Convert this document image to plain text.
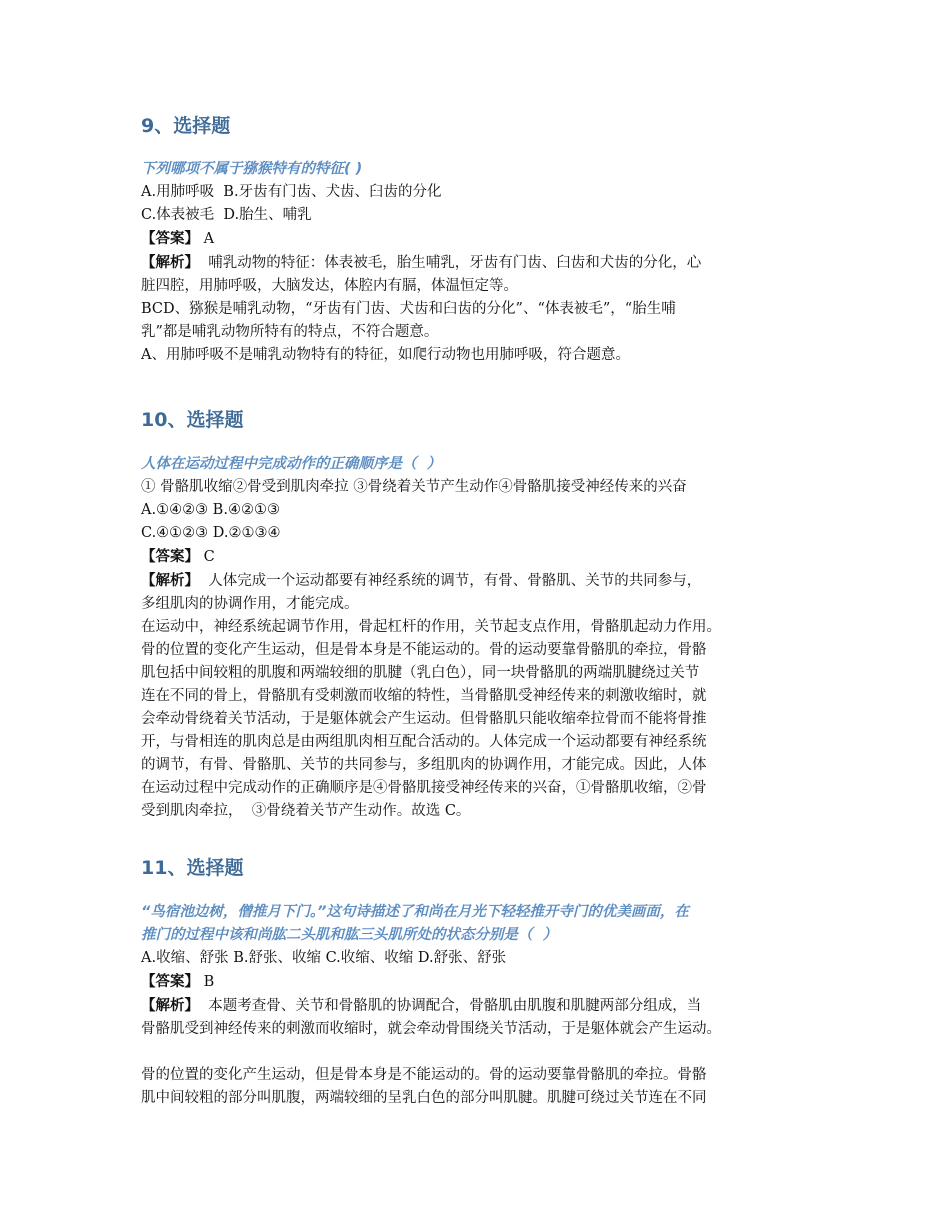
9、选择题
下列哪项不属于猕猴特有的特征( )
A.用肺呼吸  B.牙齿有门齿、犬齿、臼齿的分化
C.体表被毛  D.胎生、哺乳
【答案】 A
【解析】  哺乳动物的特征：体表被毛，胎生哺乳，牙齿有门齿、臼齿和犬齿的分化，心
脏四腔，用肺呼吸，大脑发达，体腔内有膈，体温恒定等。
BCD、猕猴是哺乳动物，“牙齿有门齿、犬齿和臼齿的分化”、“体表被毛”，“胎生哺
乳”都是哺乳动物所特有的特点，不符合题意。
A、用肺呼吸不是哺乳动物特有的特征，如爬行动物也用肺呼吸，符合题意。
10、选择题
人体在运动过程中完成动作的正确顺序是（  ）
① 骨骼肌收缩②骨受到肌肉牵拉 ③骨绕着关节产生动作④骨骼肌接受神经传来的兴奋
A.①④②③ B.④②①③
C.④①②③ D.②①③④
【答案】 C
【解析】  人体完成一个运动都要有神经系统的调节，有骨、骨骼肌、关节的共同参与，
多组肌肉的协调作用，才能完成。
在运动中，神经系统起调节作用，骨起杠杆的作用，关节起支点作用，骨骼肌起动力作用。
骨的位置的变化产生运动，但是骨本身是不能运动的。骨的运动要靠骨骼肌的牵拉，骨骼
肌包括中间较粗的肌腹和两端较细的肌腱（乳白色），同一块骨骼肌的两端肌腱绕过关节
连在不同的骨上，骨骼肌有受刺激而收缩的特性，当骨骼肌受神经传来的刺激收缩时，就
会牵动骨绕着关节活动，于是躯体就会产生运动。但骨骼肌只能收缩牵拉骨而不能将骨推
开，与骨相连的肌肉总是由两组肌肉相互配合活动的。人体完成一个运动都要有神经系统
的调节，有骨、骨骼肌、关节的共同参与，多组肌肉的协调作用，才能完成。因此，人体
在运动过程中完成动作的正确顺序是④骨骼肌接受神经传来的兴奋，①骨骼肌收缩，②骨
受到肌肉牵拉，  ③骨绕着关节产生动作。故选 C。
11、选择题
“鸟宿池边树，僧推月下门。”这句诗描述了和尚在月光下轻轻推开寺门的优美画面，在
推门的过程中该和尚肱二头肌和肱三头肌所处的状态分别是（  ）
A.收缩、舒张 B.舒张、收缩 C.收缩、收缩 D.舒张、舒张
【答案】 B
【解析】  本题考查骨、关节和骨骼肌的协调配合，骨骼肌由肌腹和肌腱两部分组成，当
骨骼肌受到神经传来的刺激而收缩时，就会牵动骨围绕关节活动，于是躯体就会产生运动。
骨的位置的变化产生运动，但是骨本身是不能运动的。骨的运动要靠骨骼肌的牵拉。骨骼
肌中间较粗的部分叫肌腹，两端较细的呈乳白色的部分叫肌腱。肌腱可绕过关节连在不同
